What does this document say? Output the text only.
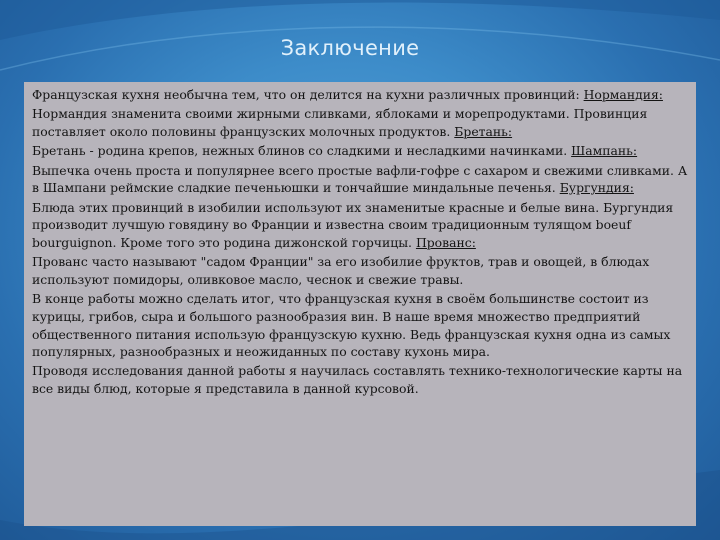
Заключение

Французская кухня необычна тем, что он делится на кухни различных провинций: Нормандия:

Нормандия знаменита своими жирными сливками, яблоками и морепродуктами. Провинция поставляет около половины французских молочных продуктов. Бретань:

Бретань - родина крепов, нежных блинов со сладкими и несладкими начинками. Шампань:

Выпечка очень проста и популярнее всего простые вафли-гофре с сахаром и свежими сливками. А в Шампани реймские сладкие печеньюшки и тончайшие миндальные печенья. Бургундия:

Блюда этих провинций в изобилии используют их знаменитые красные и белые вина. Бургундия производит лучшую говядину во Франции и известна своим традиционным тулящом boeuf bourguignon. Кроме того это родина дижонской горчицы. Прованс:

Прованс часто называют "садом Франции" за его изобилие фруктов, трав и овощей, в блюдах используют помидоры, оливковое масло, чеснок и свежие травы.

В конце работы можно сделать итог, что французская кухня в своём большинстве состоит из курицы, грибов, сыра и большого разнообразия вин. В наше время множество предприятий общественного питания использую французскую кухню. Ведь французская кухня одна из самых популярных, разнообразных и неожиданных по составу кухонь мира.

Проводя исследования данной работы я научилась составлять технико-технологические карты на все виды блюд, которые я представила в данной курсовой.
